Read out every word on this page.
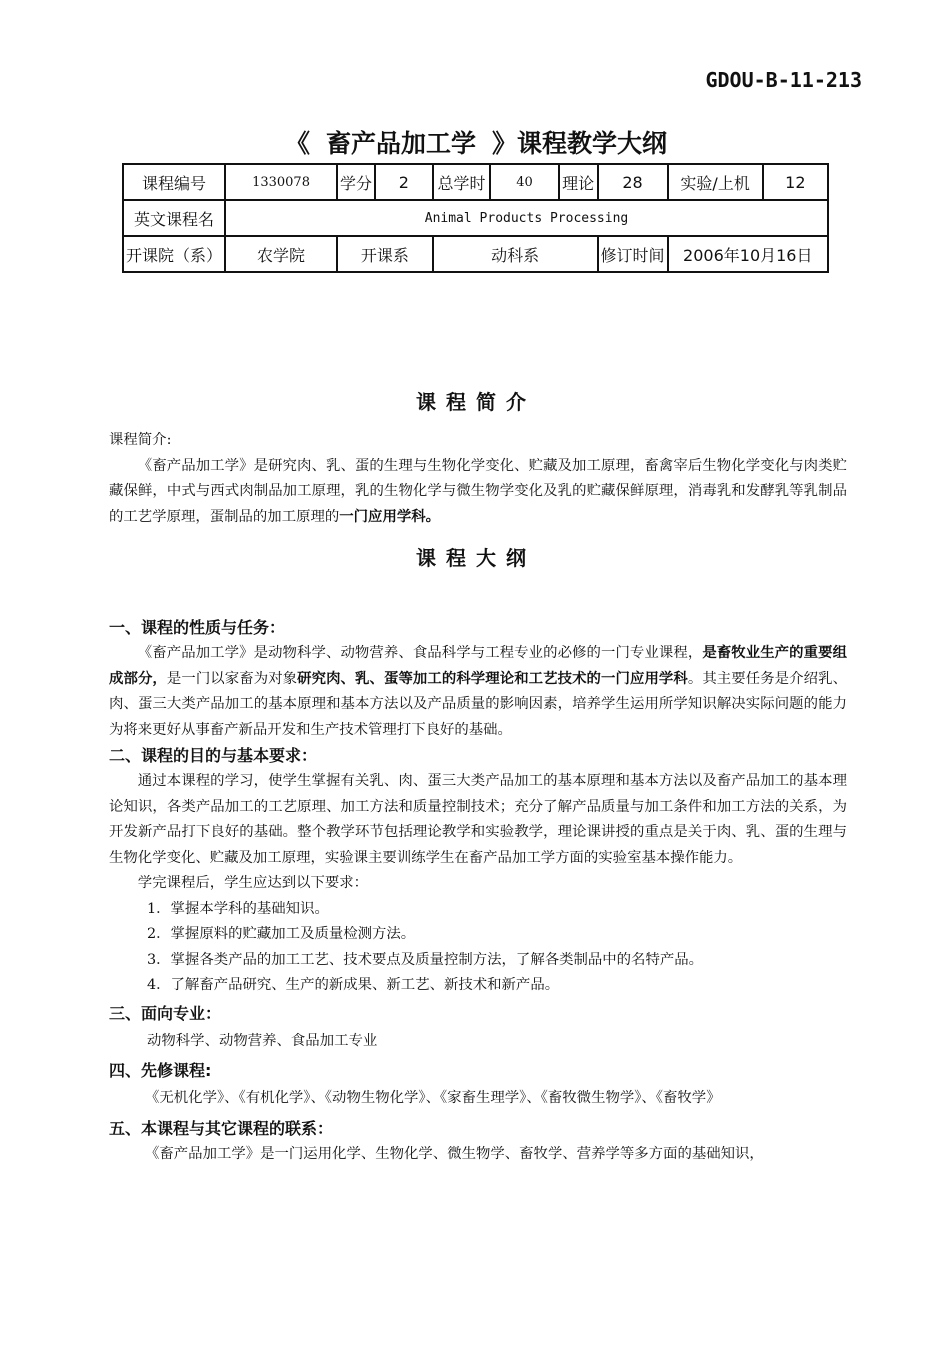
GDOU-B-11-213
《 畜产品加工学 》课程教学大纲
课程编号	1330078	学分	2	总学时	40	理论	28	实验/上机	12
英文课程名	Animal Products Processing								
开课院（系）	农学院	开课系		动科系			修订时间	2006年10月16日	
课程简介

课程简介:

《畜产品加工学》是研究肉、乳、蛋的生理与生物化学变化、贮藏及加工原理，畜禽宰后生物化学变化与肉类贮藏保鲜，中式与西式肉制品加工原理，乳的生物化学与微生物学变化及乳的贮藏保鲜原理，消毒乳和发酵乳等乳制品的工艺学原理，蛋制品的加工原理的一门应用学科。

课程大纲

一、课程的性质与任务：

《畜产品加工学》是动物科学、动物营养、食品科学与工程专业的必修的一门专业课程，是畜牧业生产的重要组成部分，是一门以家畜为对象研究肉、乳、蛋等加工的科学理论和工艺技术的一门应用学科。其主要任务是介绍乳、肉、蛋三大类产品加工的基本原理和基本方法以及产品质量的影响因素，培养学生运用所学知识解决实际问题的能力为将来更好从事畜产新品开发和生产技术管理打下良好的基础。

二、课程的目的与基本要求：

通过本课程的学习，使学生掌握有关乳、肉、蛋三大类产品加工的基本原理和基本方法以及畜产品加工的基本理论知识，各类产品加工的工艺原理、加工方法和质量控制技术；充分了解产品质量与加工条件和加工方法的关系，为开发新产品打下良好的基础。整个教学环节包括理论教学和实验教学，理论课讲授的重点是关于肉、乳、蛋的生理与生物化学变化、贮藏及加工原理，实验课主要训练学生在畜产品加工学方面的实验室基本操作能力。

学完课程后，学生应达到以下要求：

1．掌握本学科的基础知识。

2．掌握原料的贮藏加工及质量检测方法。

3．掌握各类产品的加工工艺、技术要点及质量控制方法，了解各类制品中的名特产品。

4．了解畜产品研究、生产的新成果、新工艺、新技术和新产品。

三、面向专业：

动物科学、动物营养、食品加工专业

四、先修课程:

《无机化学》、《有机化学》、《动物生物化学》、《家畜生理学》、《畜牧微生物学》、《畜牧学》

五、本课程与其它课程的联系：

《畜产品加工学》是一门运用化学、生物化学、微生物学、畜牧学、营养学等多方面的基础知识，
